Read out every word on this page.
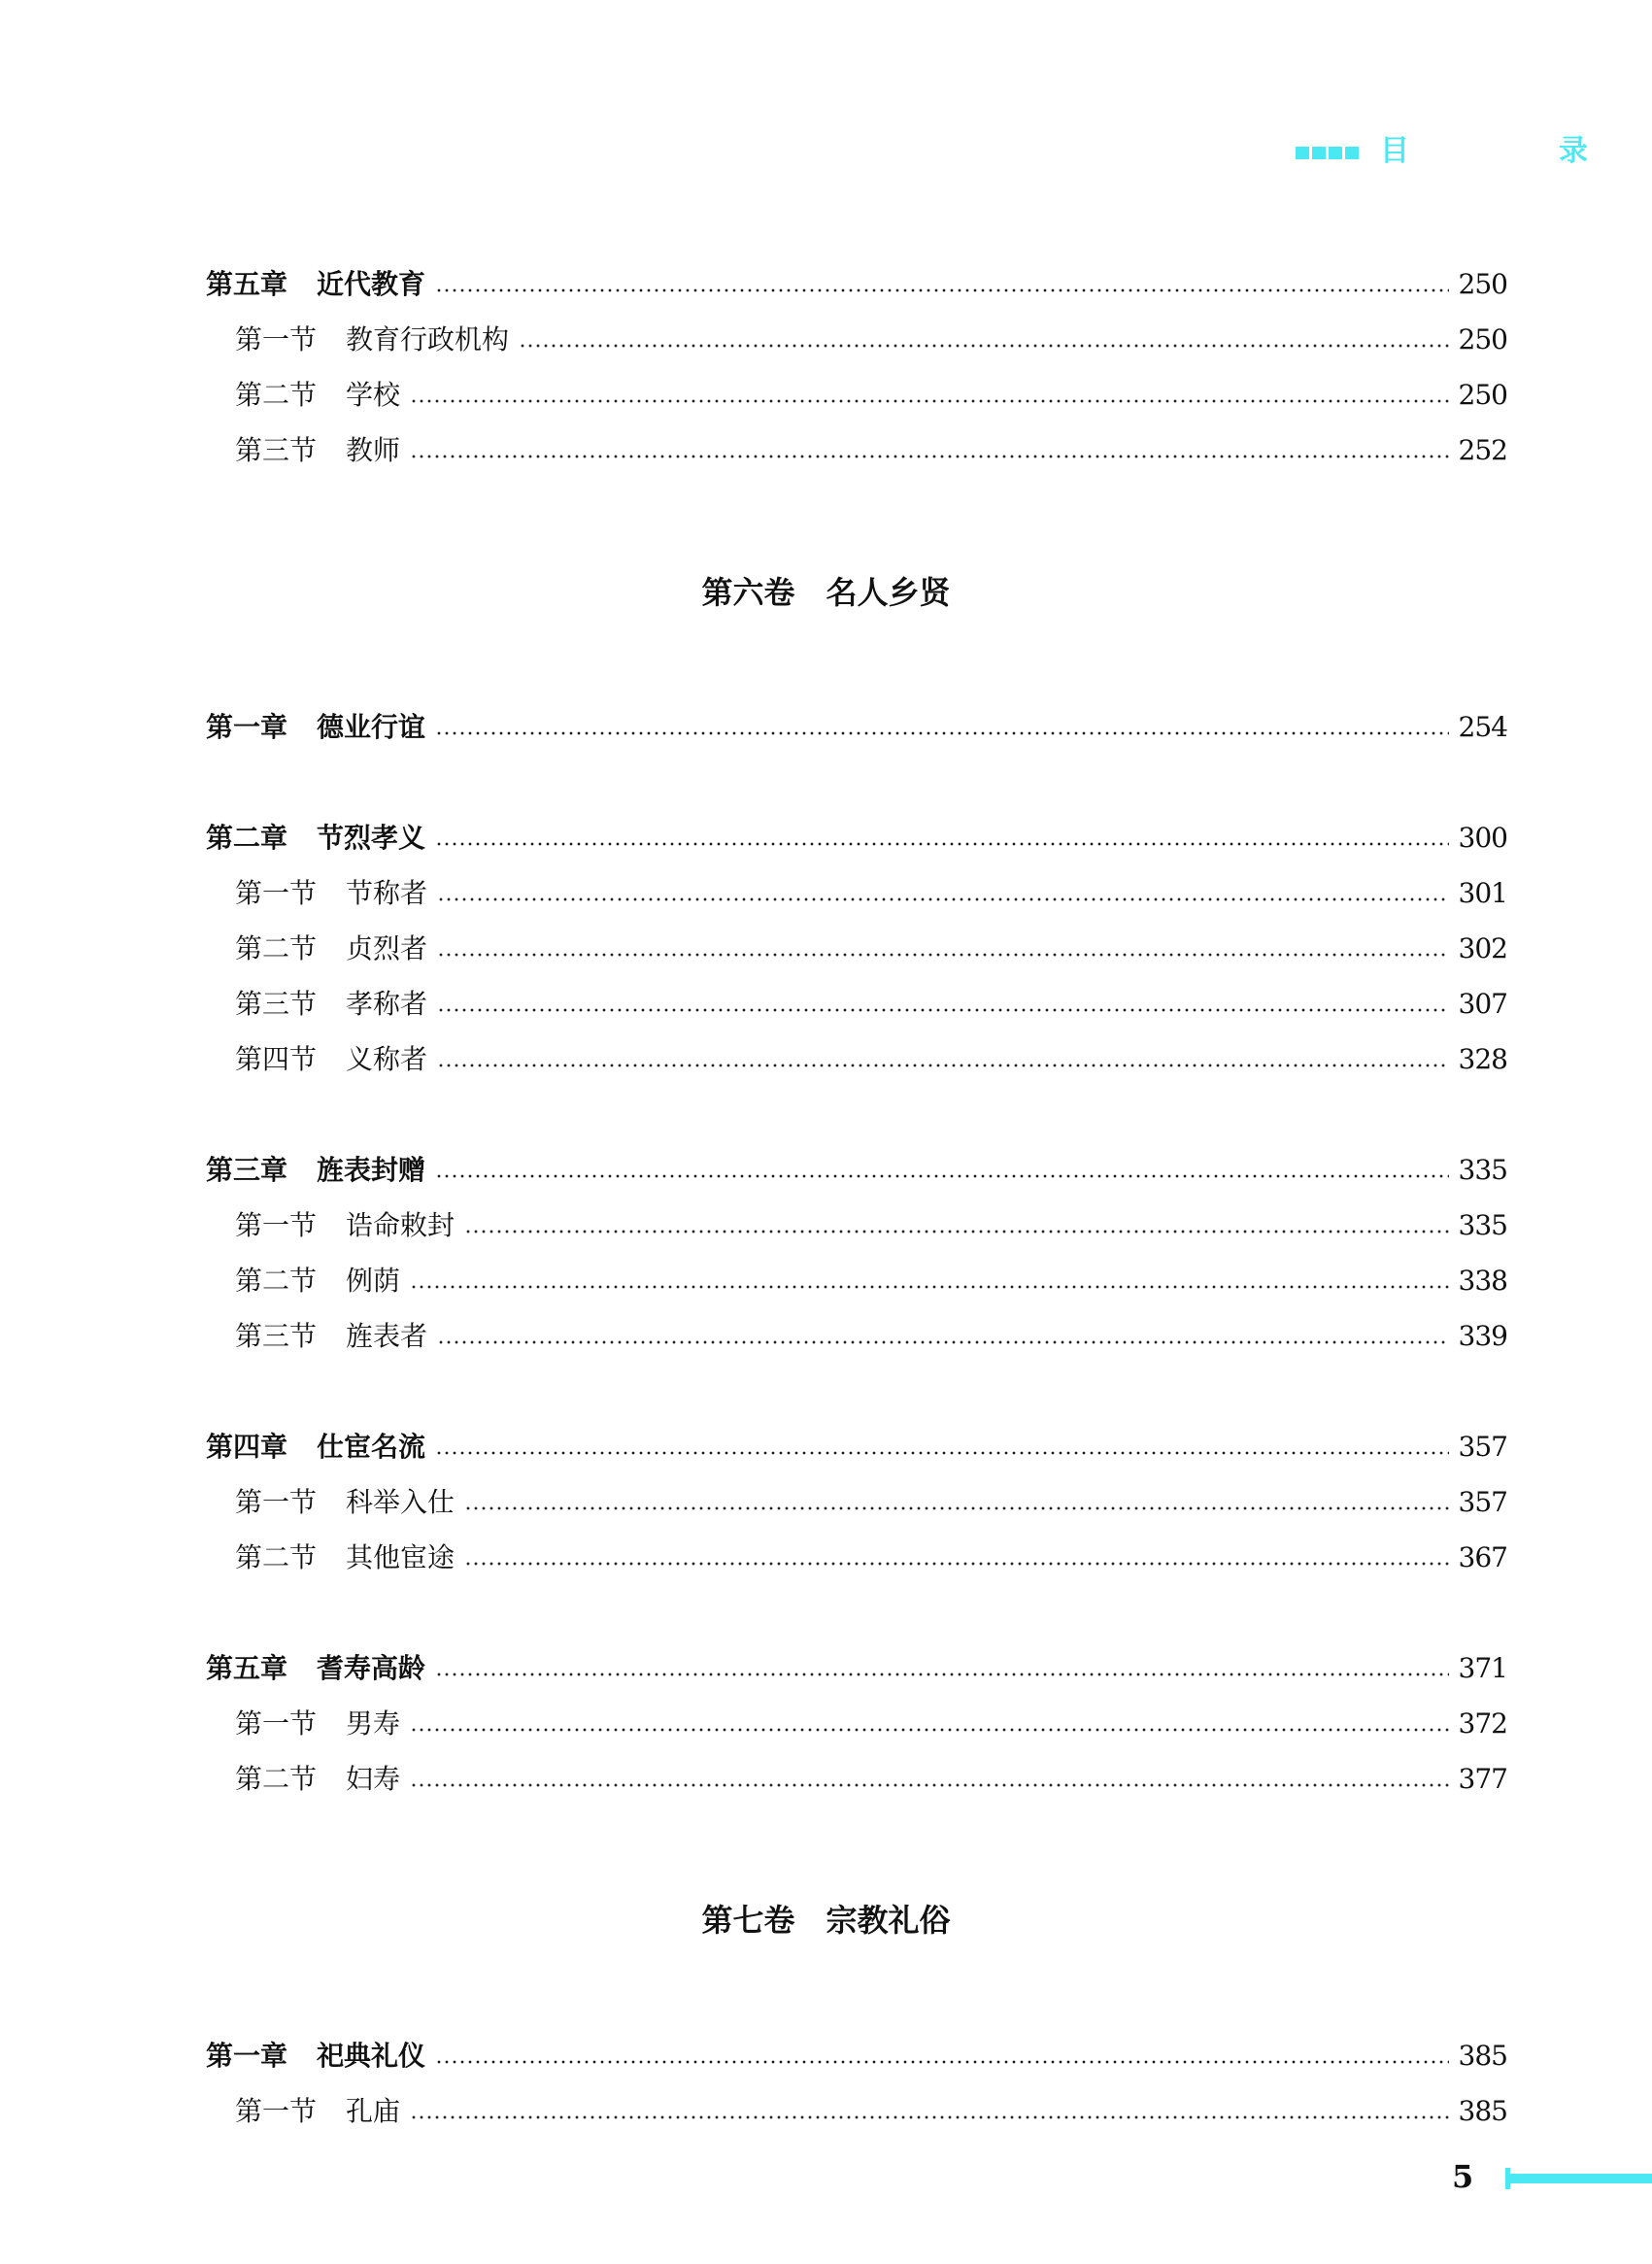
目　录
第五章 近代教育	250
第一节 教育行政机构	250
第二节 学校	250
第三节 教师	252
第六卷　名人乡贤
第一章 德业行谊	254
第二章 节烈孝义	300
第一节 节称者	301
第二节 贞烈者	302
第三节 孝称者	307
第四节 义称者	328
第三章 旌表封赠	335
第一节 诰命敕封	335
第二节 例荫	338
第三节 旌表者	339
第四章 仕宦名流	357
第一节 科举入仕	357
第二节 其他宦途	367
第五章 耆寿高龄	371
第一节 男寿	372
第二节 妇寿	377
第七卷　宗教礼俗
第一章 祀典礼仪	385
第一节 孔庙	385
5
